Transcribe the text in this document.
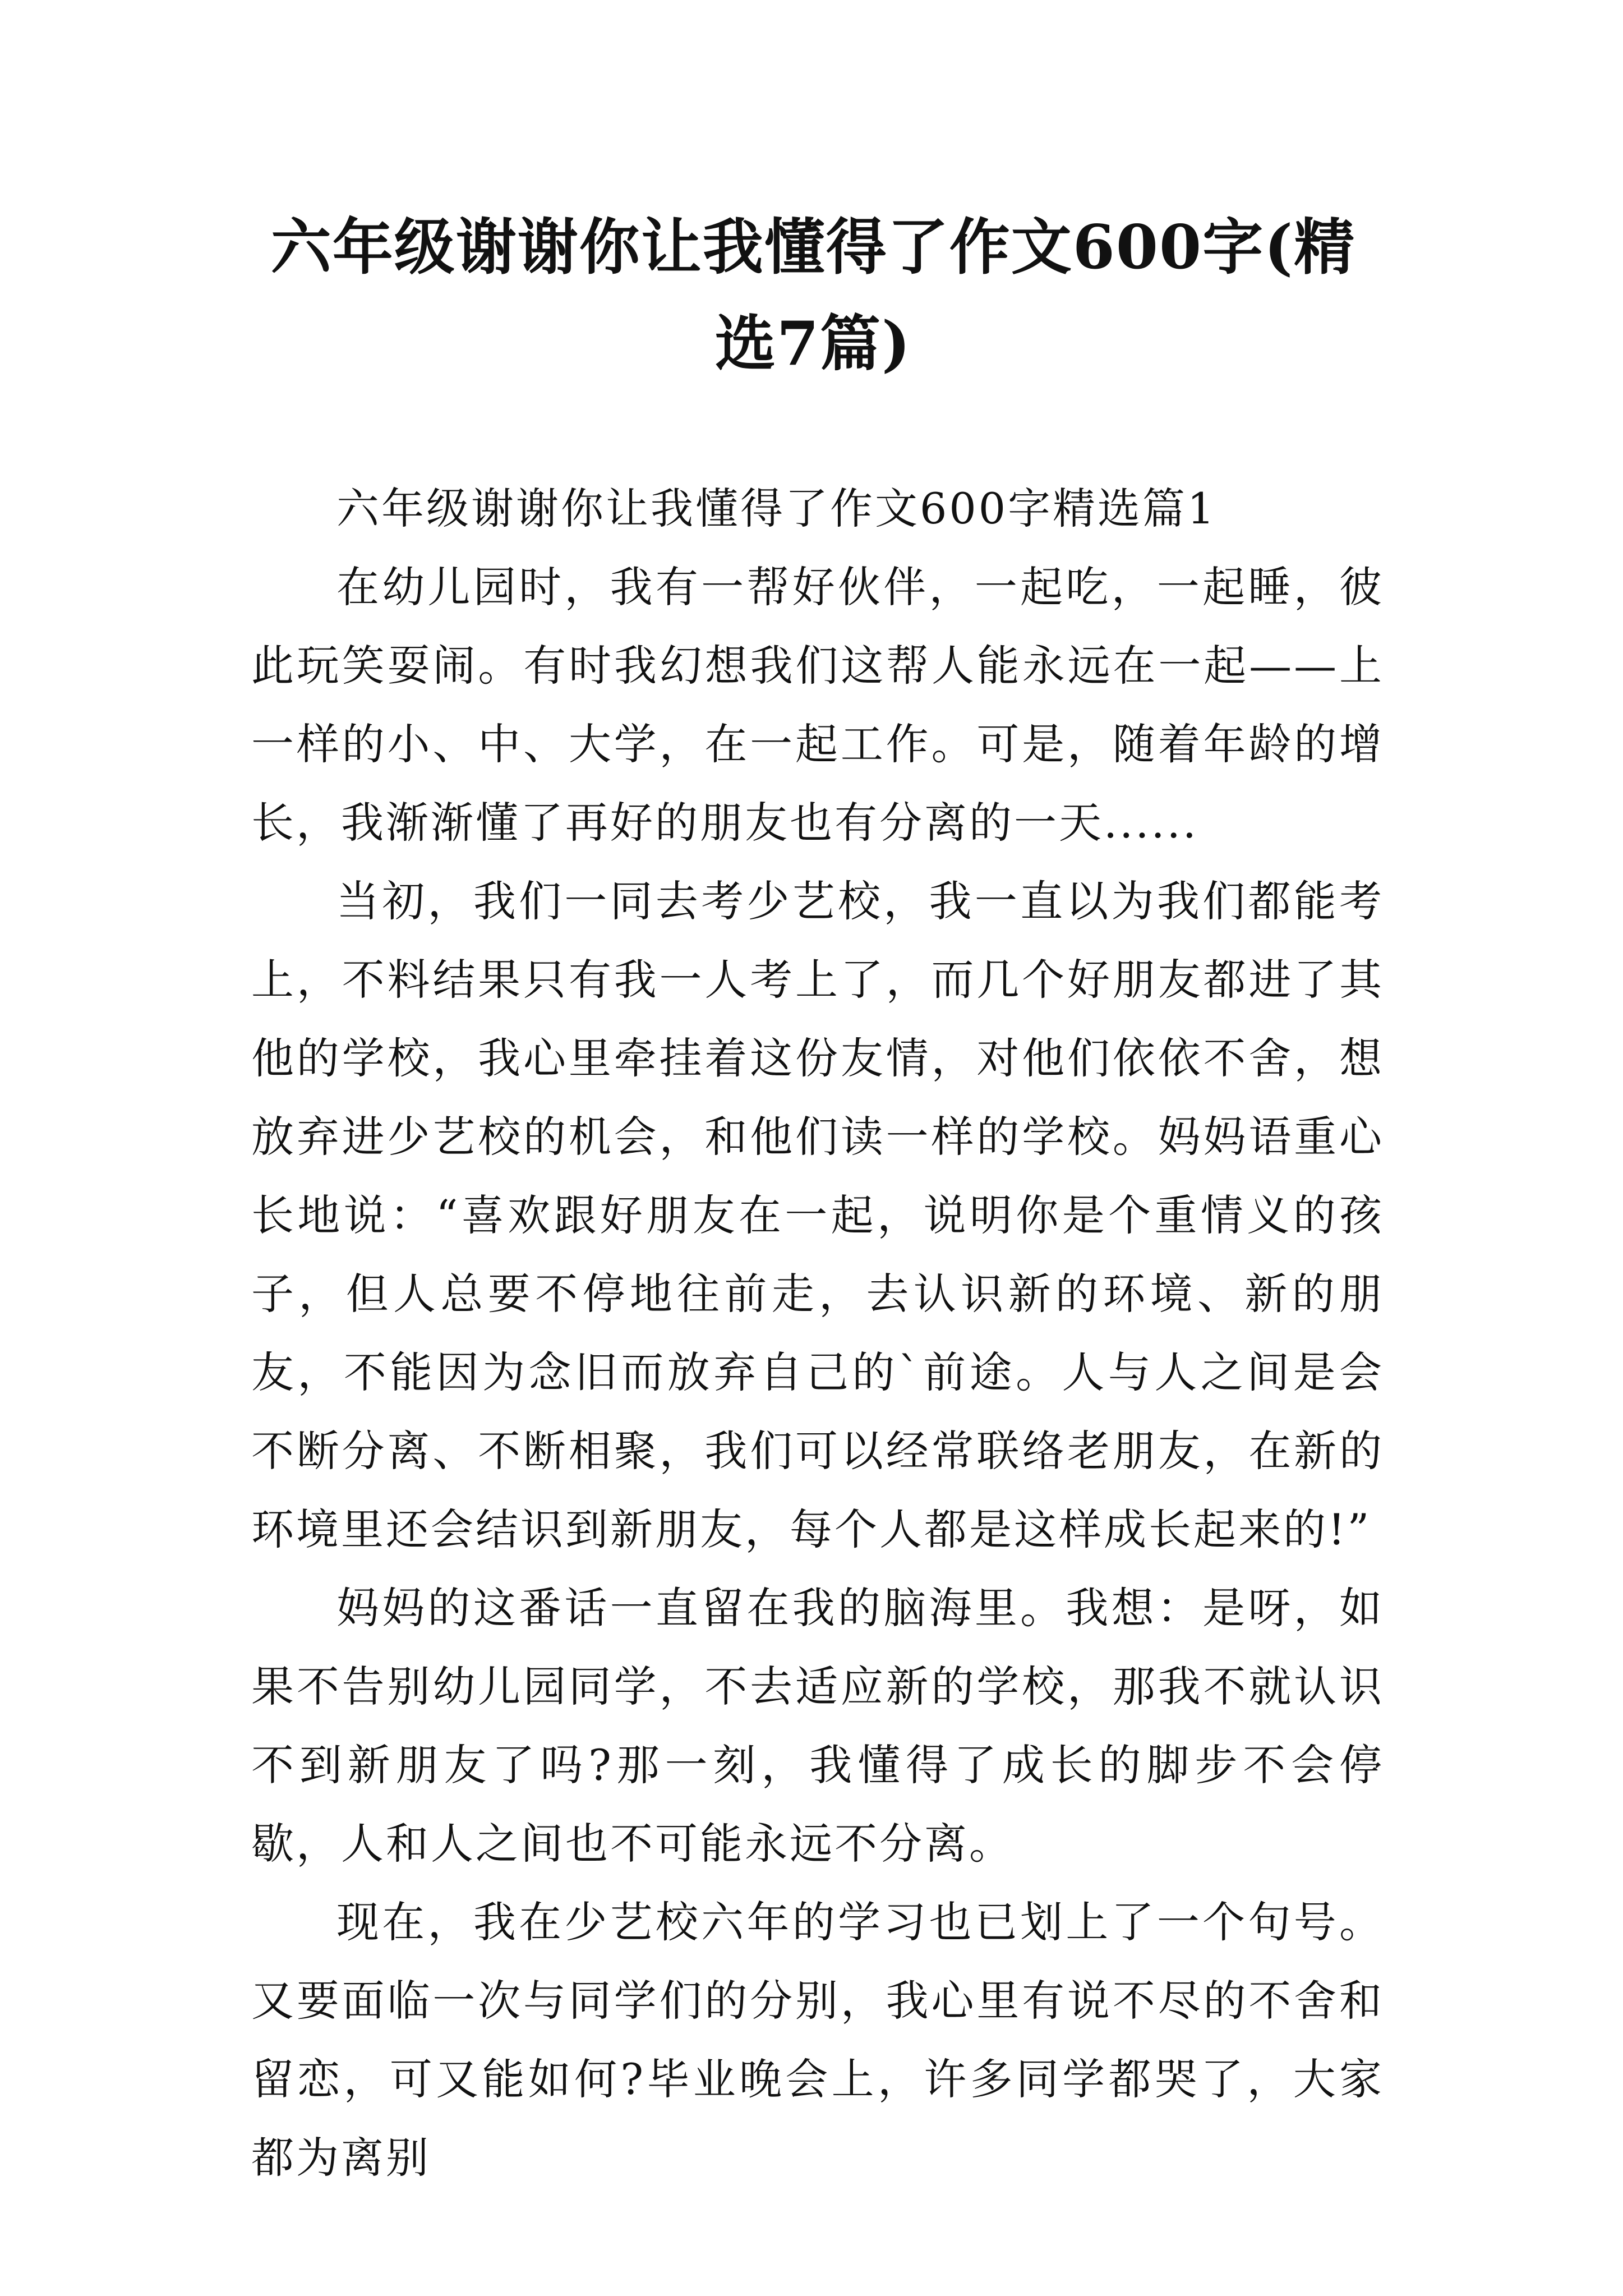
六年级谢谢你让我懂得了作文600字(精选7篇)

六年级谢谢你让我懂得了作文600字精选篇1

在幼儿园时，我有一帮好伙伴，一起吃，一起睡，彼此玩笑耍闹。有时我幻想我们这帮人能永远在一起——上一样的小、中、大学，在一起工作。可是，随着年龄的增长，我渐渐懂了再好的朋友也有分离的一天......

当初，我们一同去考少艺校，我一直以为我们都能考上，不料结果只有我一人考上了，而几个好朋友都进了其他的学校，我心里牵挂着这份友情，对他们依依不舍，想放弃进少艺校的机会，和他们读一样的学校。妈妈语重心长地说：“喜欢跟好朋友在一起，说明你是个重情义的孩子，但人总要不停地往前走，去认识新的环境、新的朋友，不能因为念旧而放弃自己的`前途。人与人之间是会不断分离、不断相聚，我们可以经常联络老朋友，在新的环境里还会结识到新朋友，每个人都是这样成长起来的!”

妈妈的这番话一直留在我的脑海里。我想：是呀，如果不告别幼儿园同学，不去适应新的学校，那我不就认识不到新朋友了吗?那一刻，我懂得了成长的脚步不会停歇，人和人之间也不可能永远不分离。

现在，我在少艺校六年的学习也已划上了一个句号。又要面临一次与同学们的分别，我心里有说不尽的不舍和留恋，可又能如何?毕业晚会上，许多同学都哭了，大家都为离别
